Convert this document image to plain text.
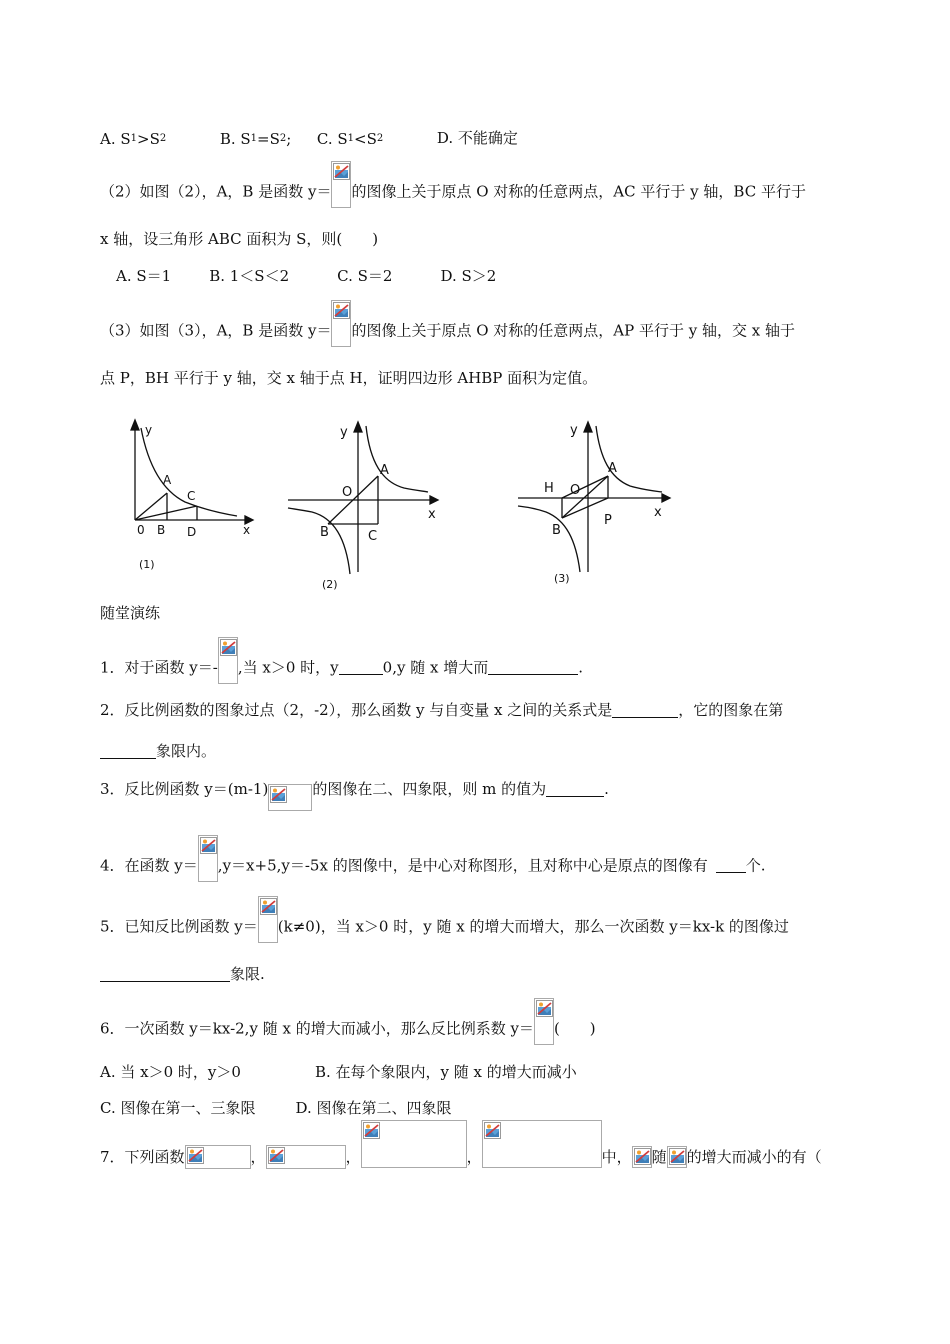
A. S1>S2	B. S1=S2; C. S1<S2	D. 不能确定
（2）如图（2），A，B 是函数 y＝ 的图像上关于原点 O 对称的任意两点，AC 平行于 y 轴，BC 平行于
x 轴，设三角形 ABC 面积为 S，则(　　)
A. S＝1	B. 1＜S＜2	C. S＝2	D. S＞2
（3）如图（3），A，B 是函数 y＝ 的图像上关于原点 O 对称的任意两点，AP 平行于 y 轴，交 x 轴于
点 P，BH 平行于 y 轴，交 x 轴于点 H，证明四边形 AHBP 面积为定值。
y
x
0
A
B
C
D
(1)
y
x
O
A
B	C
(2)
y
x
O
A
B
H
P
(3)
随堂演练
1．对于函数 y＝- ,当 x＞0 时，y	0,y 随 x 增大而	.
2．反比例函数的图象过点（2，-2），那么函数 y 与自变量 x 之间的关系式是	，它的图象在第
象限内。
3．反比例函数 y＝(m-1)	的图像在二、四象限，则 m 的值为	.
4．在函数 y＝ ,y＝x+5,y＝-5x 的图像中，是中心对称图形，且对称中心是原点的图像有	个.
5．已知反比例函数 y＝ (k≠0)，当 x＞0 时，y 随 x 的增大而增大，那么一次函数 y＝kx-k 的图像过
象限.
6．一次函数 y＝kx-2,y 随 x 的增大而减小，那么反比例系数 y＝ (　　)
A. 当 x＞0 时，y＞0	B. 在每个象限内，y 随 x 的增大而减小
C. 图像在第一、三象限	D. 图像在第二、四象限
7．下列函数	，	，	，	中， 随 的增大而减小的有（
